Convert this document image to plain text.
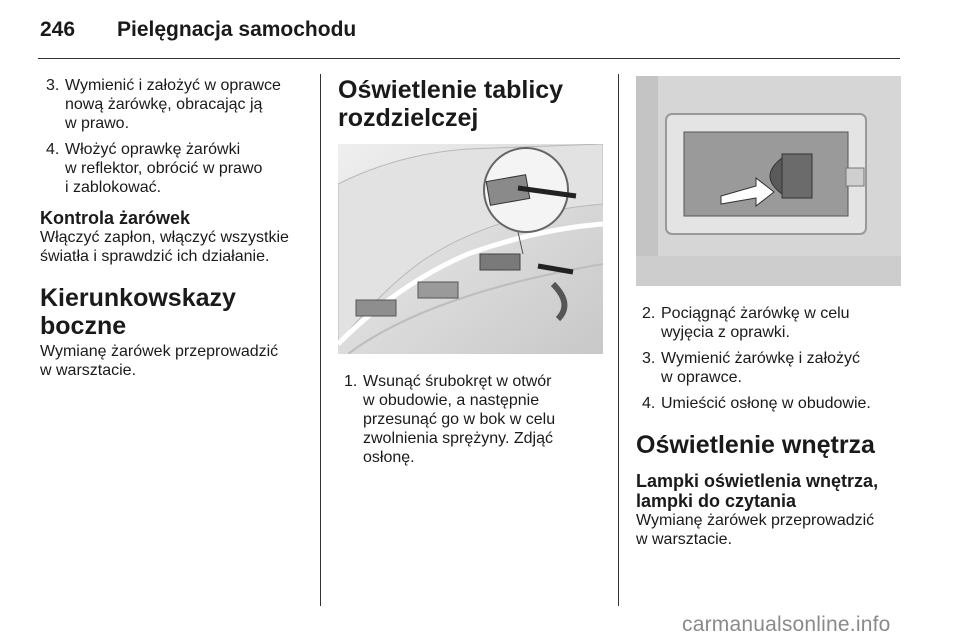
246 Pielęgnacja samochodu
3. Wymienić i założyć w oprawce
nową żarówkę, obracając ją
w prawo.
4. Włożyć oprawkę żarówki
w reflektor, obrócić w prawo
i zablokować.
Kontrola żarówek

Włączyć zapłon, włączyć wszystkie
światła i sprawdzić ich działanie.

Kierunkowskazy boczne

Wymianę żarówek przeprowadzić
w warsztacie.

Oświetlenie tablicy
rozdzielczej
1. Wsunąć śrubokręt w otwór
w obudowie, a następnie
przesunąć go w bok w celu
zwolnienia sprężyny. Zdjąć
osłonę.
2. Pociągnąć żarówkę w celu
wyjęcia z oprawki.
3. Wymienić żarówkę i założyć
w oprawce.
4. Umieścić osłonę w obudowie.
Oświetlenie wnętrza
Lampki oświetlenia wnętrza,
lampki do czytania

Wymianę żarówek przeprowadzić
w warsztacie.

carmanualsonline.info
